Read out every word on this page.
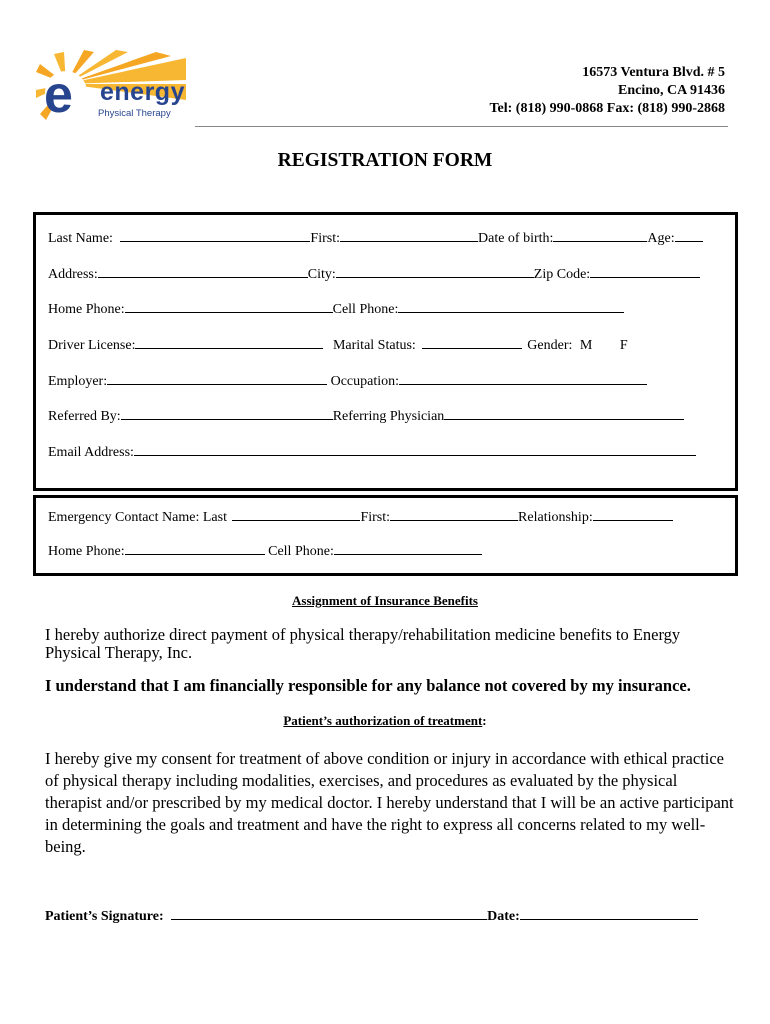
e energy
Physical Therapy
16573 Ventura Blvd. # 5
Encino, CA 91436
Tel: (818) 990-0868 Fax: (818) 990-2868
REGISTRATION FORM
Last Name:	First:	Date of birth:	Age:
Address:	City:	Zip Code:
Home Phone:	Cell Phone:
Driver License:	Marital Status:	Gender: M F
Employer:	Occupation:
Referred By:	Referring Physician
Email Address:
Emergency Contact Name: Last	First:	Relationship:
Home Phone:	Cell Phone:
Assignment of Insurance Benefits
I hereby authorize direct payment of physical therapy/rehabilitation medicine benefits to Energy Physical Therapy, Inc.
I understand that I am financially responsible for any balance not covered by my insurance.
Patient’s authorization of treatment:
I hereby give my consent for treatment of above condition or injury in accordance with ethical practice of physical therapy including modalities, exercises, and procedures as evaluated by the physical therapist and/or prescribed by my medical doctor. I hereby understand that I will be an active participant in determining the goals and treatment and have the right to express all concerns related to my well-being.
Patient’s Signature:	Date:
